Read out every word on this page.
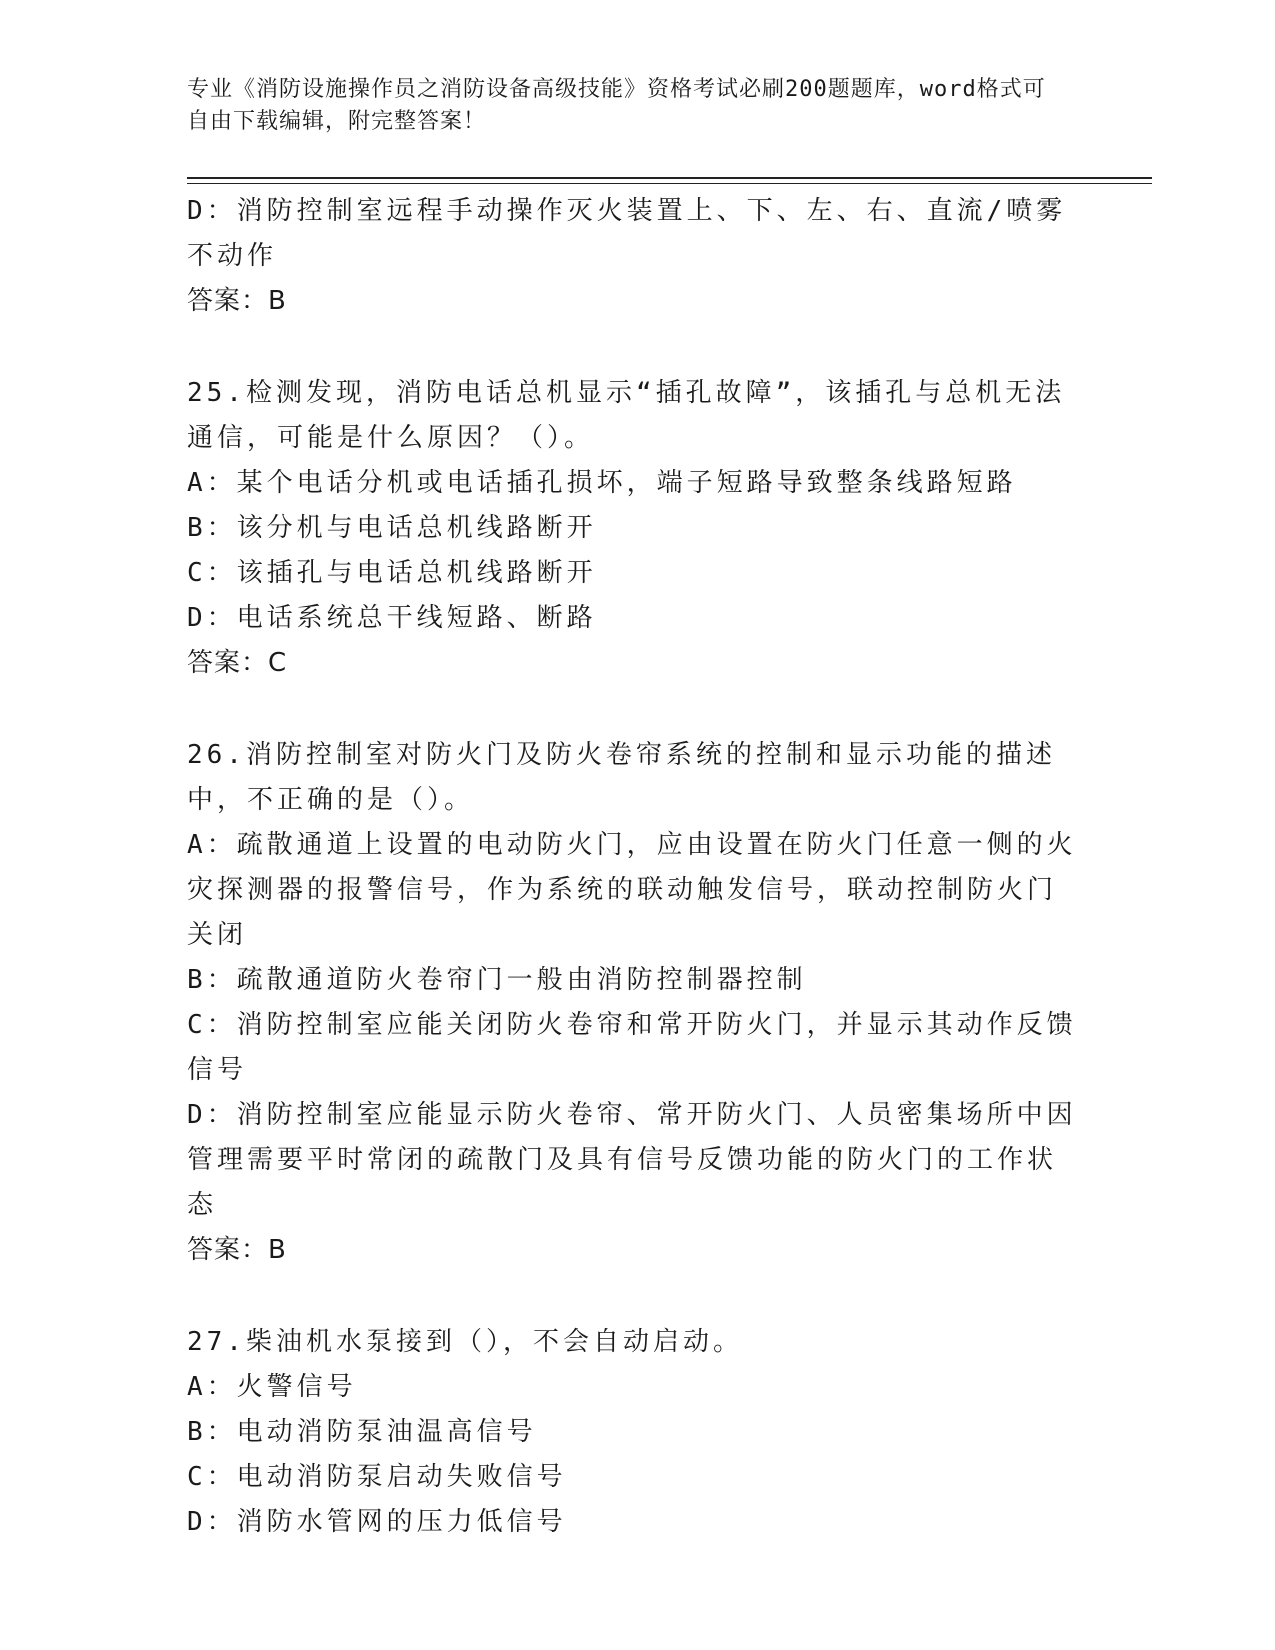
专业《消防设施操作员之消防设备高级技能》资格考试必刷200题题库，word格式可自由下载编辑，附完整答案！
D：消防控制室远程手动操作灭火装置上、下、左、右、直流/喷雾不动作
答案：B
25.检测发现，消防电话总机显示“插孔故障”，该插孔与总机无法通信，可能是什么原因？（）。
A：某个电话分机或电话插孔损坏，端子短路导致整条线路短路
B：该分机与电话总机线路断开
C：该插孔与电话总机线路断开
D：电话系统总干线短路、断路
答案：C
26.消防控制室对防火门及防火卷帘系统的控制和显示功能的描述中，不正确的是（）。
A：疏散通道上设置的电动防火门，应由设置在防火门任意一侧的火灾探测器的报警信号，作为系统的联动触发信号，联动控制防火门关闭
B：疏散通道防火卷帘门一般由消防控制器控制
C：消防控制室应能关闭防火卷帘和常开防火门，并显示其动作反馈信号
D：消防控制室应能显示防火卷帘、常开防火门、人员密集场所中因管理需要平时常闭的疏散门及具有信号反馈功能的防火门的工作状态
答案：B
27.柴油机水泵接到（），不会自动启动。
A：火警信号
B：电动消防泵油温高信号
C：电动消防泵启动失败信号
D：消防水管网的压力低信号
